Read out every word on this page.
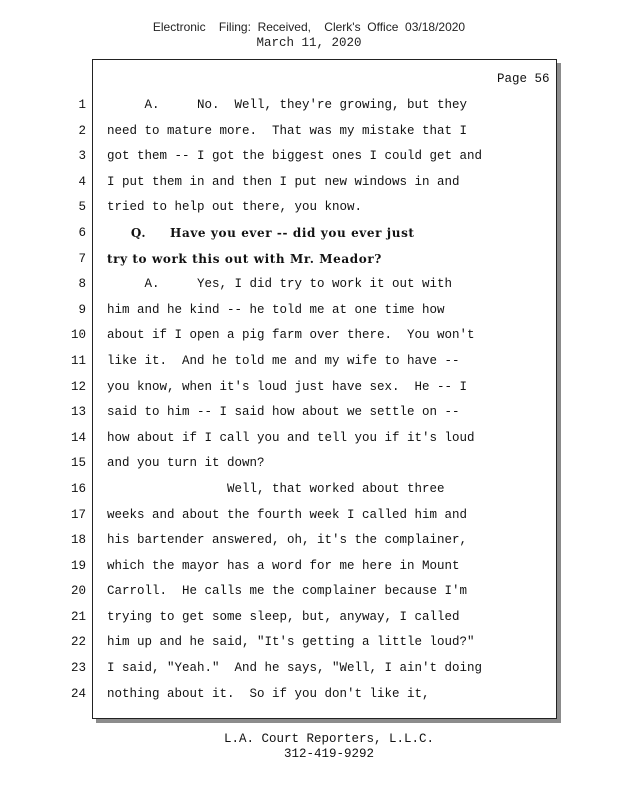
Electronic    Filing:  Received,    Clerk's  Office  03/18/2020
March 11, 2020
Page 56
1
2
3
4
5
6
7
8
9
10
11
12
13
14
15
16
17
18
19
20
21
22
23
24
A.     No.  Well, they're growing, but they
need to mature more.  That was my mistake that I
got them -- I got the biggest ones I could get and
I put them in and then I put new windows in and
tried to help out there, you know.
Q.     Have you ever -- did you ever just
try to work this out with Mr. Meador?
A.     Yes, I did try to work it out with
him and he kind -- he told me at one time how
about if I open a pig farm over there.  You won't
like it.  And he told me and my wife to have --
you know, when it's loud just have sex.  He -- I
said to him -- I said how about we settle on --
how about if I call you and tell you if it's loud
and you turn it down?
Well, that worked about three
weeks and about the fourth week I called him and
his bartender answered, oh, it's the complainer,
which the mayor has a word for me here in Mount
Carroll.  He calls me the complainer because I'm
trying to get some sleep, but, anyway, I called
him up and he said, "It's getting a little loud?"
I said, "Yeah."  And he says, "Well, I ain't doing
nothing about it.  So if you don't like it,
L.A. Court Reporters, L.L.C.
312-419-9292
